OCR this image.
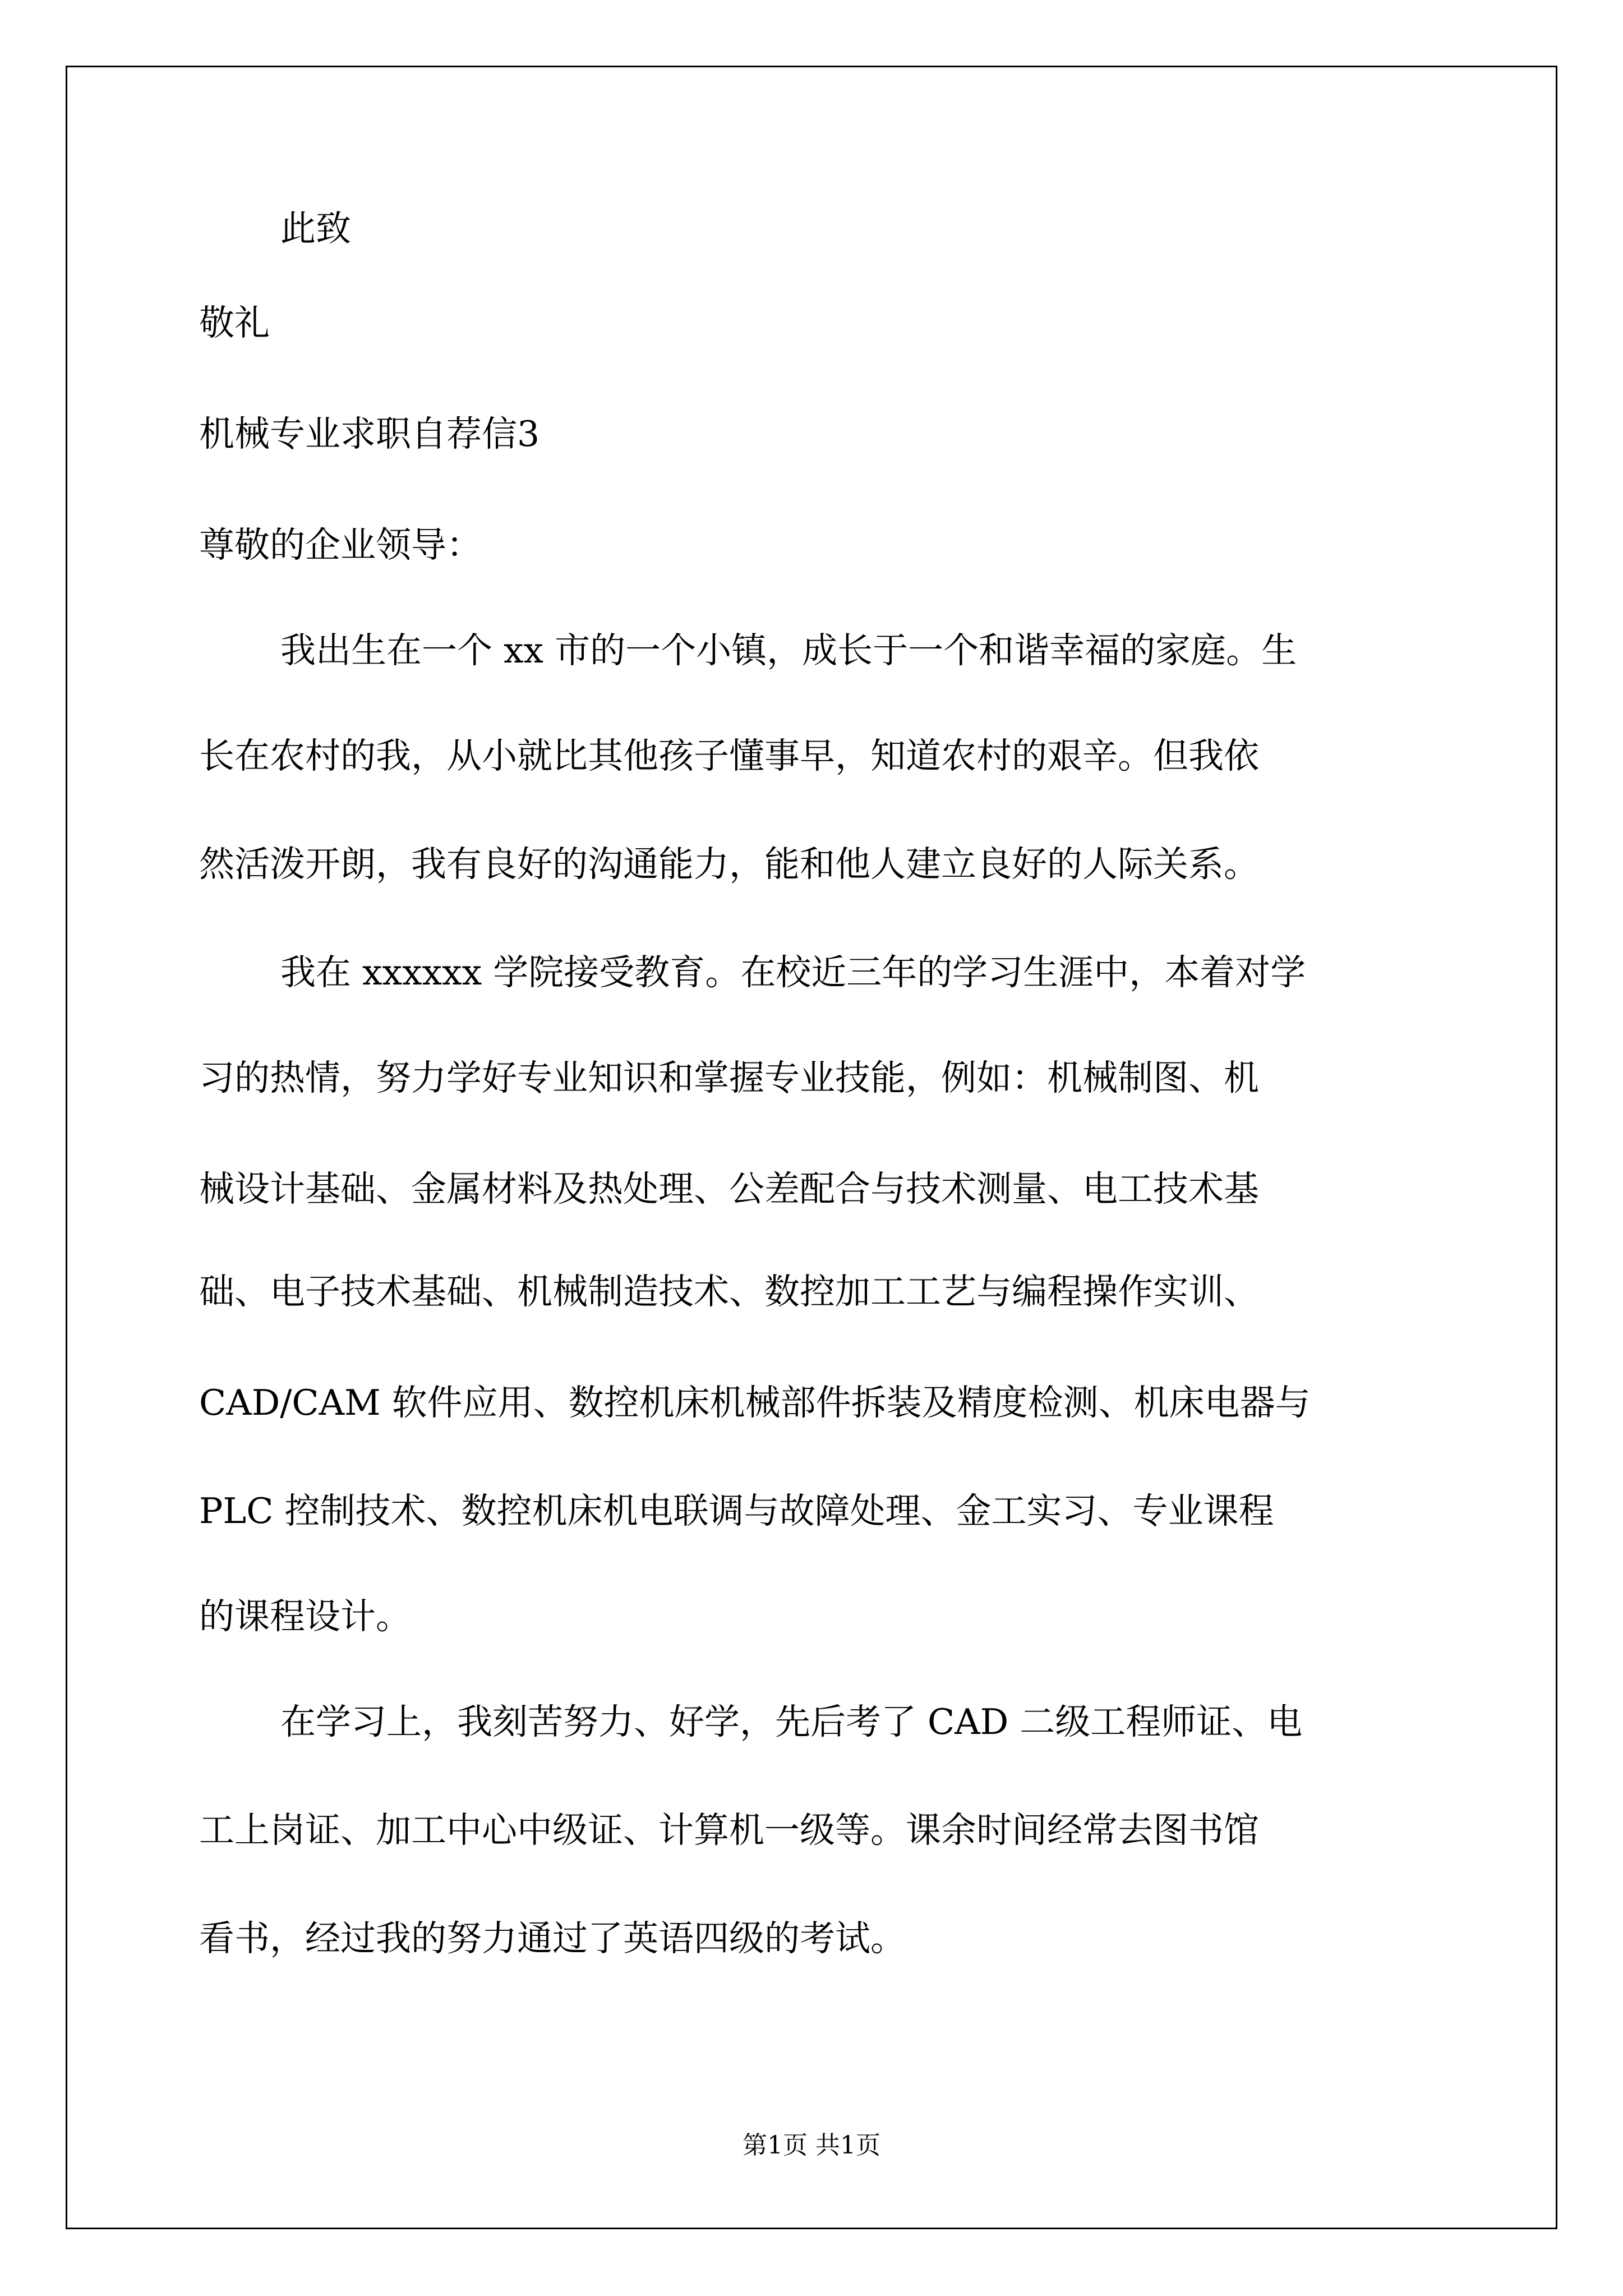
此致

敬礼

机械专业求职自荐信3

尊敬的企业领导：

我出生在一个 xx 市的一个小镇，成长于一个和谐幸福的家庭。生

长在农村的我，从小就比其他孩子懂事早，知道农村的艰辛。但我依

然活泼开朗，我有良好的沟通能力，能和他人建立良好的人际关系。

我在 xxxxxx 学院接受教育。在校近三年的学习生涯中，本着对学

习的热情，努力学好专业知识和掌握专业技能，例如：机械制图、机

械设计基础、金属材料及热处理、公差配合与技术测量、电工技术基

础、电子技术基础、机械制造技术、数控加工工艺与编程操作实训、

CAD/CAM 软件应用、数控机床机械部件拆装及精度检测、机床电器与

PLC 控制技术、数控机床机电联调与故障处理、金工实习、专业课程

的课程设计。

在学习上，我刻苦努力、好学，先后考了 CAD 二级工程师证、电

工上岗证、加工中心中级证、计算机一级等。课余时间经常去图书馆

看书，经过我的努力通过了英语四级的考试。

第1页 共1页
